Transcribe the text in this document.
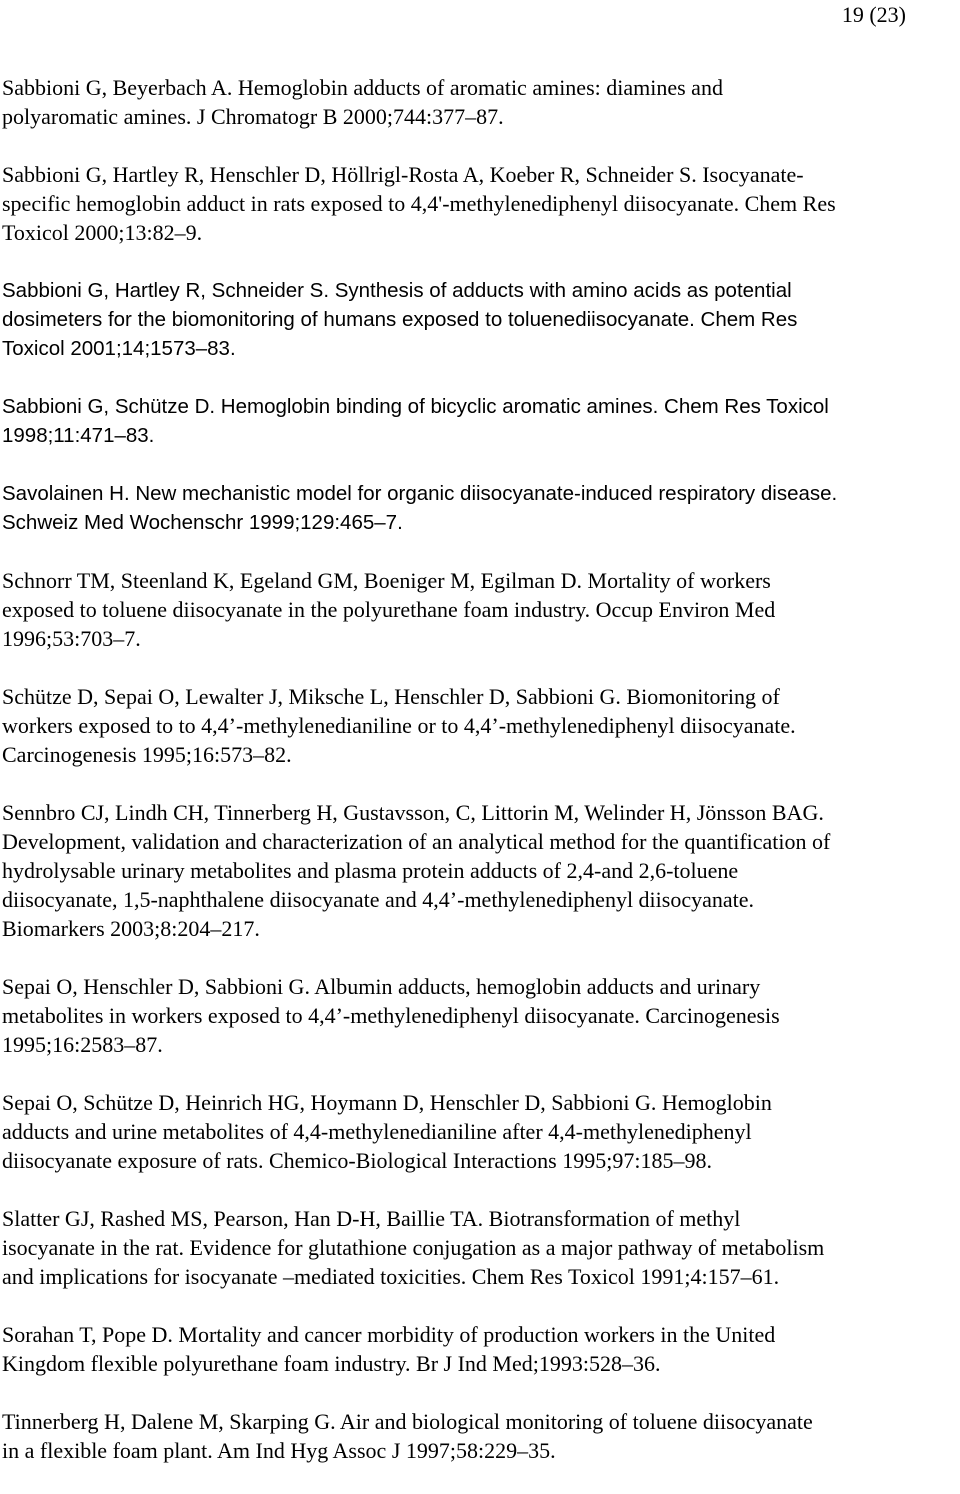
19 (23)
Sabbioni G, Beyerbach A. Hemoglobin adducts of aromatic amines: diamines and
polyaromatic amines. J Chromatogr B 2000;744:377–87.
Sabbioni G, Hartley R, Henschler D, Höllrigl-Rosta A, Koeber R, Schneider S. Isocyanate-
specific hemoglobin adduct in rats exposed to 4,4'-methylenediphenyl diisocyanate. Chem Res
Toxicol 2000;13:82–9.
Sabbioni G, Hartley R, Schneider S. Synthesis of adducts with amino acids as potential
dosimeters for the biomonitoring of humans exposed to toluenediisocyanate. Chem Res
Toxicol 2001;14;1573–83.
Sabbioni G, Schütze D. Hemoglobin binding of bicyclic aromatic amines. Chem Res Toxicol
1998;11:471–83.
Savolainen H. New mechanistic model for organic diisocyanate-induced respiratory disease.
Schweiz Med Wochenschr 1999;129:465–7.
Schnorr TM, Steenland K, Egeland GM, Boeniger M, Egilman D. Mortality of workers
exposed to toluene diisocyanate in the polyurethane foam industry. Occup Environ Med
1996;53:703–7.
Schütze D, Sepai O, Lewalter J, Miksche L, Henschler D, Sabbioni G. Biomonitoring of
workers exposed to to 4,4’-methylenedianiline or to 4,4’-methylenediphenyl diisocyanate.
Carcinogenesis 1995;16:573–82.
Sennbro CJ, Lindh CH, Tinnerberg H, Gustavsson, C, Littorin M, Welinder H, Jönsson BAG.
Development, validation and characterization of an analytical method for the quantification of
hydrolysable urinary metabolites and plasma protein adducts of 2,4-and 2,6-toluene
diisocyanate, 1,5-naphthalene diisocyanate and 4,4’-methylenediphenyl diisocyanate.
Biomarkers 2003;8:204–217.
Sepai O, Henschler D, Sabbioni G. Albumin adducts, hemoglobin adducts and urinary
metabolites in workers exposed to 4,4’-methylenediphenyl diisocyanate. Carcinogenesis
1995;16:2583–87.
Sepai O, Schütze D, Heinrich HG, Hoymann D, Henschler D, Sabbioni G. Hemoglobin
adducts and urine metabolites of 4,4-methylenedianiline after 4,4-methylenediphenyl
diisocyanate exposure of rats. Chemico-Biological Interactions 1995;97:185–98.
Slatter GJ, Rashed MS, Pearson, Han D-H, Baillie TA. Biotransformation of methyl
isocyanate in the rat. Evidence for glutathione conjugation as a major pathway of metabolism
and implications for isocyanate –mediated toxicities. Chem Res Toxicol 1991;4:157–61.
Sorahan T, Pope D. Mortality and cancer morbidity of production workers in the United
Kingdom flexible polyurethane foam industry. Br J Ind Med;1993:528–36.
Tinnerberg H, Dalene M, Skarping G. Air and biological monitoring of toluene diisocyanate
in a flexible foam plant. Am Ind Hyg Assoc J 1997;58:229–35.
